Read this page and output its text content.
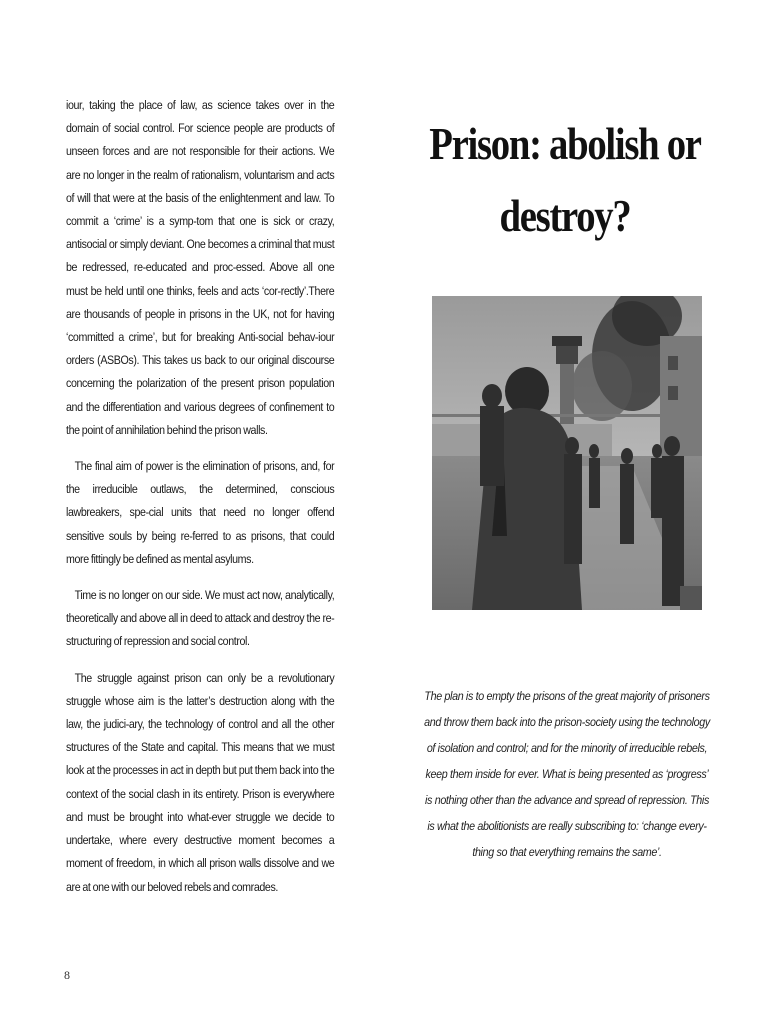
iour, taking the place of law, as science takes over in the domain of social control. For science people are products of unseen forces and are not responsible for their actions. We are no longer in the realm of rationalism, voluntarism and acts of will that were at the basis of the enlightenment and law. To commit a ‘crime’ is a symp-tom that one is sick or crazy, antisocial or simply deviant. One becomes a criminal that must be redressed, re-educated and proc-essed. Above all one must be held until one thinks, feels and acts ‘cor-rectly’.There are thousands of people in prisons in the UK, not for having ‘committed a crime’, but for breaking Anti-social behav-iour orders (ASBOs). This takes us back to our original discourse concerning the polarization of the present prison population and the differentiation and various degrees of confinement to the point of annihilation behind the prison walls.

The final aim of power is the elimination of prisons, and, for the irreducible outlaws, the determined, conscious lawbreakers, spe-cial units that need no longer offend sensitive souls by being re-ferred to as prisons, that could more fittingly be defined as mental asylums.

Time is no longer on our side. We must act now, analytically, theoretically and above all in deed to attack and destroy the re-structuring of repression and social control.

The struggle against prison can only be a revolutionary struggle whose aim is the latter’s destruction along with the law, the judici-ary, the technology of control and all the other structures of the State and capital. This means that we must look at the processes in act in depth but put them back into the context of the social clash in its entirety. Prison is everywhere and must be brought into what-ever struggle we decide to undertake, where every destructive moment becomes a moment of freedom, in which all prison walls dissolve and we are at one with our beloved rebels and comrades.

8
Prison: abolish or destroy?
The plan is to empty the prisons of the great majority of prisoners and throw them back into the prison-society using the technology of isolation and control; and for the minority of irreducible rebels, keep them inside for ever. What is being presented as ‘progress’ is nothing other than the advance and spread of repression. This is what the abolitionists are really subscribing to: ‘change every-thing so that everything remains the same’.
